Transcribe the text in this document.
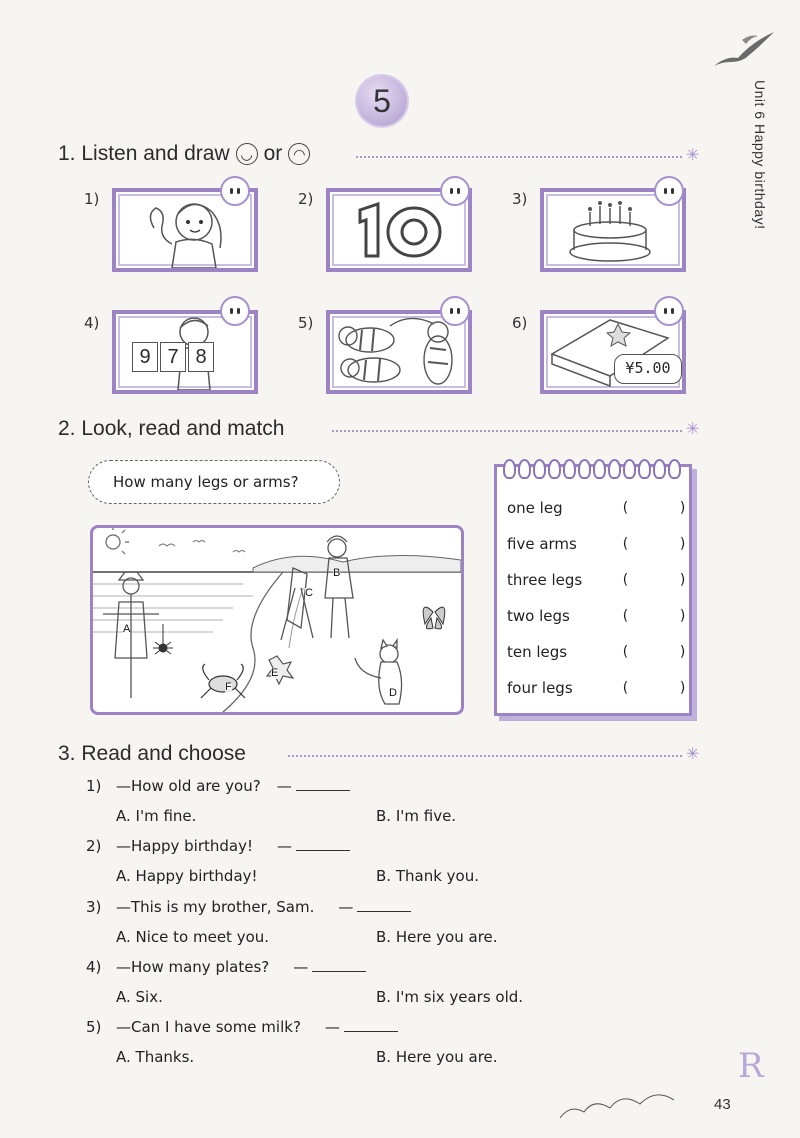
Unit 6 Happy birthday!
5
. .
1. Listen and draw ◡ or ◠	✳
1)	2)	3)
4)
9 7 8
5)	6)
¥5.00
2. Look, read and match	✳
How many legs or arms?
A
B
C
D
E
F
one leg	(	)
five arms	(	)
three legs	(	)
two legs	(	)
ten legs	(	)
four legs	(	)
3. Read and choose	✳
1) —How old are you? —
A. I'm fine.	B. I'm five.
2) —Happy birthday! —
A. Happy birthday!	B. Thank you.
3) —This is my brother, Sam. —
A. Nice to meet you.	B. Here you are.
4) —How many plates? —
A. Six.	B. I'm six years old.
5) —Can I have some milk? —
A. Thanks.	B. Here you are.	R
43
